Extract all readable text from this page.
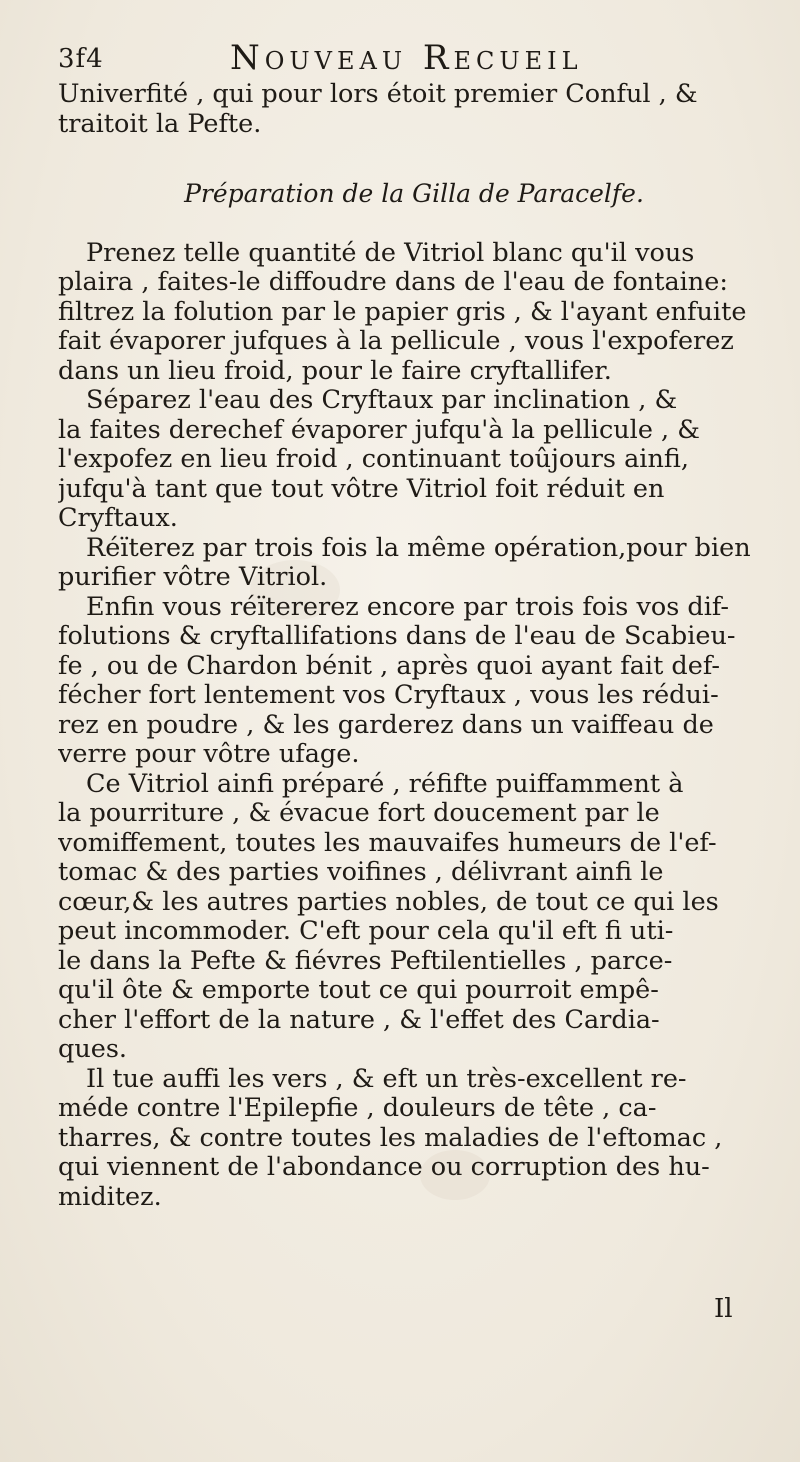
3f4	Nouveau Recueil
Univerfité , qui pour lors étoit premier Conful , &
traitoit la Pefte.
Préparation de la Gilla de Paracelfe.
Prenez telle quantité de Vitriol blanc qu'il vous
plaira , faites-le diffoudre dans de l'eau de fontaine:
filtrez la folution par le papier gris , & l'ayant enfuite
fait évaporer jufques à la pellicule , vous l'expoferez
dans un lieu froid, pour le faire cryftallifer.
Séparez l'eau des Cryftaux par inclination , &
la faites derechef évaporer jufqu'à la pellicule , &
l'expofez en lieu froid , continuant toûjours ainfi,
jufqu'à tant que tout vôtre Vitriol foit réduit en
Cryftaux.
Réïterez par trois fois la même opération,pour bien
purifier vôtre Vitriol.
Enfin vous réïtererez encore par trois fois vos dif-
folutions & cryftallifations dans de l'eau de Scabieu-
fe , ou de Chardon bénit , après quoi ayant fait def-
fécher fort lentement vos Cryftaux , vous les rédui-
rez en poudre , & les garderez dans un vaiffeau de
verre pour vôtre ufage.
Ce Vitriol ainfi préparé , réfifte puiffamment à
la pourriture , & évacue fort doucement par le
vomiffement, toutes les mauvaifes humeurs de l'ef-
tomac & des parties voifines , délivrant ainfi le
cœur,& les autres parties nobles, de tout ce qui les
peut incommoder. C'eft pour cela qu'il eft fi uti-
le dans la Pefte & fiévres Peftilentielles , parce-
qu'il ôte & emporte tout ce qui pourroit empê-
cher l'effort de la nature , & l'effet des Cardia-
ques.
Il tue auffi les vers , & eft un très-excellent re-
méde contre l'Epilepfie , douleurs de tête , ca-
tharres, & contre toutes les maladies de l'eftomac ,
qui viennent de l'abondance ou corruption des hu-
miditez.
Il
